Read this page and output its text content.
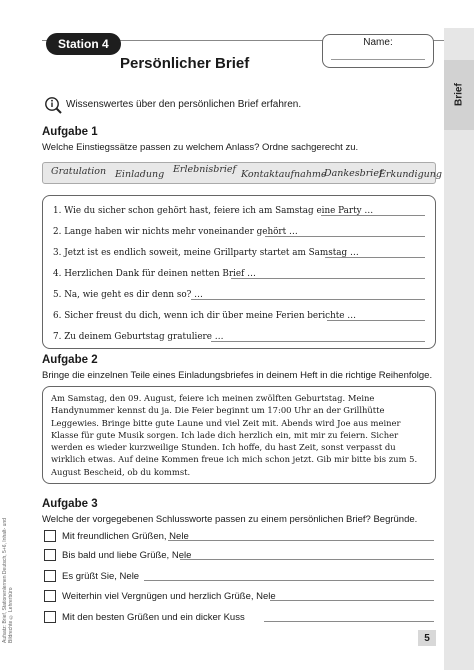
Brief
Station 4
Persönlicher Brief
Name:
Wissenswertes über den persönlichen Brief erfahren.
Aufgabe 1
Welche Einstiegssätze passen zu welchem Anlass? Ordne sachgerecht zu.
Gratulation Einladung Erlebnisbrief Kontaktaufnahme
Dankesbrief
Erkundigung
1. Wie du sicher schon gehört hast, feiere ich am Samstag eine Party …
2. Lange haben wir nichts mehr voneinander gehört …
3. Jetzt ist es endlich soweit, meine Grillparty startet am Samstag …
4. Herzlichen Dank für deinen netten Brief …
5. Na, wie geht es dir denn so? …
6. Sicher freust du dich, wenn ich dir über meine Ferien berichte …
7. Zu deinem Geburtstag gratuliere …
Aufgabe 2
Bringe die einzelnen Teile eines Einladungsbriefes in deinem Heft in die richtige Reihenfolge.
Am Samstag, den 09. August, feiere ich meinen zwölften Geburtstag. Meine Handynummer kennst du ja. Die Feier beginnt um 17:00 Uhr an der Grillhütte Leggewies. Bringe bitte gute Laune und viel Zeit mit. Abends wird Joe aus meiner Klasse für gute Musik sorgen. Ich lade dich herzlich ein, mit mir zu feiern. Sicher werden es wieder kurzweilige Stunden. Ich hoffe, du hast Zeit, sonst verpasst du wirklich etwas. Auf deine Kommen freue ich mich schon jetzt. Gib mir bitte bis zum 5. August Bescheid, ob du kommst.
Aufgabe 3
Welche der vorgegebenen Schlussworte passen zu einem persönlichen Brief? Begründe.
Mit freundlichen Grüßen, Nele
Bis bald und liebe Grüße, Nele
Es grüßt Sie, Nele
Weiterhin viel Vergnügen und herzlich Grüße, Nele
Mit den besten Grüßen und ein dicker Kuss
Aufsatz: Brief, Stationenlernen Deutsch, 5+6, Inhalt- und Bildrechte © Lehrerbüro	5
